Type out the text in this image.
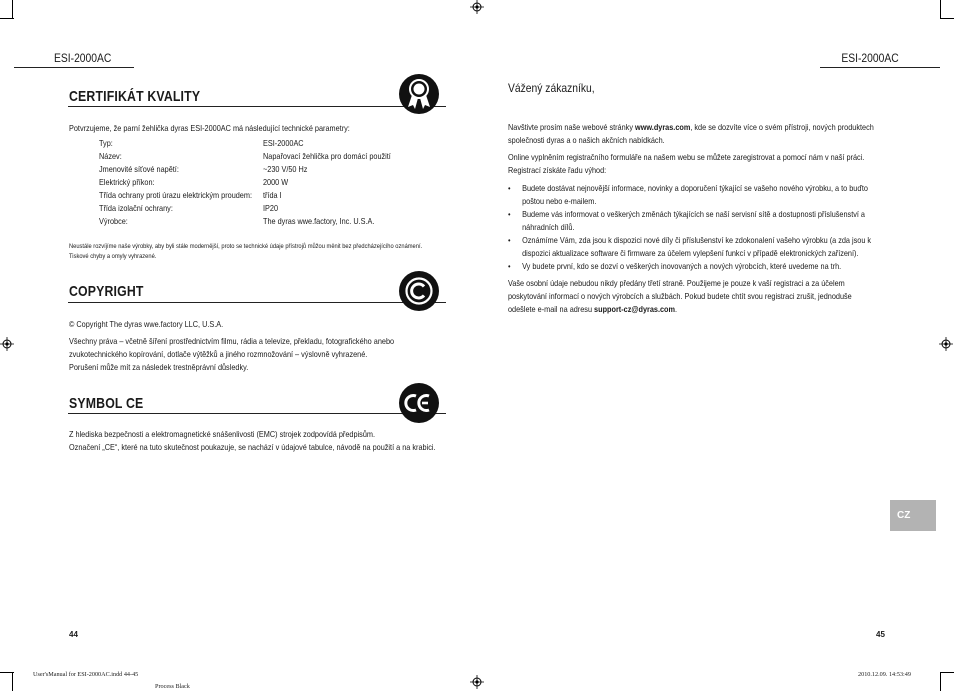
ESI-2000AC	ESI-2000AC
CERTIFIKÁT KVALITY
Potvrzujeme, že parní žehlička dyras ESI-2000AC má následující technické parametry:
Typ:	ESI-2000AC
Název:	Napařovací žehlička pro domácí použití
Jmenovité síťové napětí:	~230 V/50 Hz
Elektrický příkon:	2000 W
Třída ochrany proti úrazu elektrickým proudem: třída I
Třída izolační ochrany:	IP20
Výrobce:	The dyras wwe.factory, Inc. U.S.A.
Neustále rozvíjíme naše výrobky, aby byli stále modernější, proto se technické údaje přístrojů můžou měnit bez předcházejícího oznámení.
Tiskové chyby a omyly vyhrazené.
COPYRIGHT
© Copyright The dyras wwe.factory LLC, U.S.A.
Všechny práva – včetně šíření prostřednictvím filmu, rádia a televize, překladu, fotografického anebo
zvukotechnického kopírování, dotlače výtěžků a jiného rozmnožování – výslovně vyhrazené.
Porušení může mít za následek trestněprávní důsledky.
SYMBOL CE
Z hlediska bezpečnosti a elektromagnetické snášenlivosti (EMC) strojek zodpovídá předpisům.
Označení „CE“, které na tuto skutečnost poukazuje, se nachází v údajové tabulce, návodě na použití a na krabici.
Vážený zákazníku,
Navštivte prosím naše webové stránky www.dyras.com, kde se dozvíte více o svém přístroji, nových produktech
společnosti dyras a o našich akčních nabídkách.
Online vyplněním registračního formuláře na našem webu se můžete zaregistrovat a pomocí nám v naší práci.
Registrací získáte řadu výhod:
• Budete dostávat nejnovější informace, novinky a doporučení týkající se vašeho nového výrobku, a to buďto
poštou nebo e-mailem.
• Budeme vás informovat o veškerých změnách týkajících se naší servisní sítě a dostupnosti příslušenství a
náhradních dílů.
• Oznámíme Vám, zda jsou k dispozici nové díly či příslušenství ke zdokonalení vašeho výrobku (a zda jsou k
dispozici aktualizace software či firmware za účelem vylepšení funkcí v případě elektronických zařízení).
• Vy budete první, kdo se dozví o veškerých inovovaných a nových výrobcích, které uvedeme na trh.
Vaše osobní údaje nebudou nikdy předány třetí straně. Použijeme je pouze k vaší registraci a za účelem
poskytování informací o nových výrobcích a službách. Pokud budete chtít svou registraci zrušit, jednoduše
odešlete e-mail na adresu support-cz@dyras.com.
CZ
44	45
User'sManual for ESI-2000AC.indd 44-45
Process Black
2010.12.09. 14:53:49
